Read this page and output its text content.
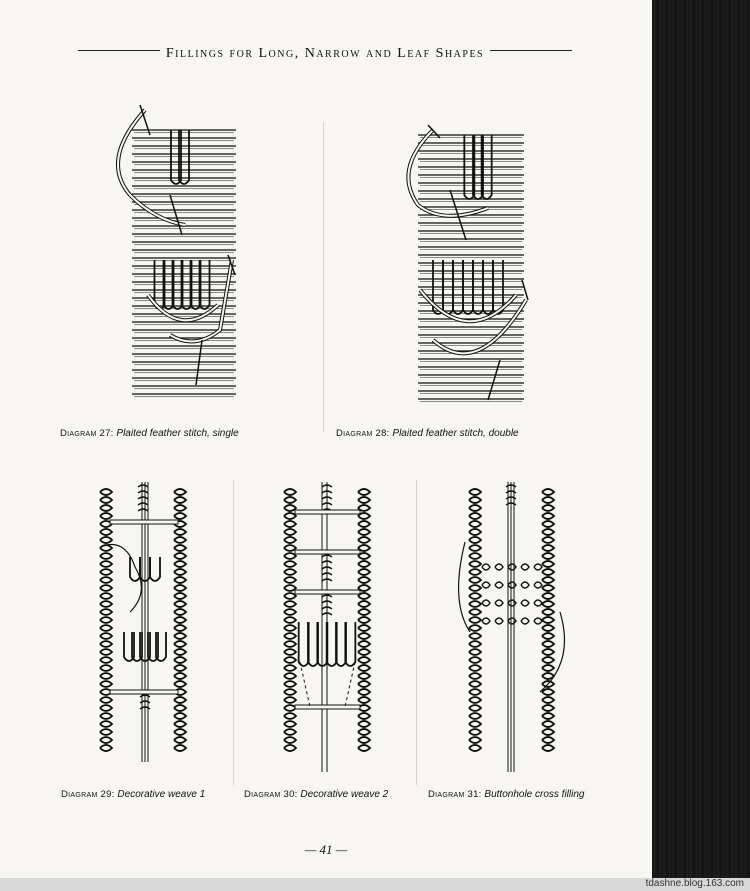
Fillings for Long, Narrow and Leaf Shapes
Diagram 27: Plaited feather stitch, single	Diagram 28: Plaited feather stitch, double
Diagram 29: Decorative weave 1	Diagram 30: Decorative weave 2	Diagram 31: Buttonhole cross filling
— 41 —
tdashne.blog.163.com
